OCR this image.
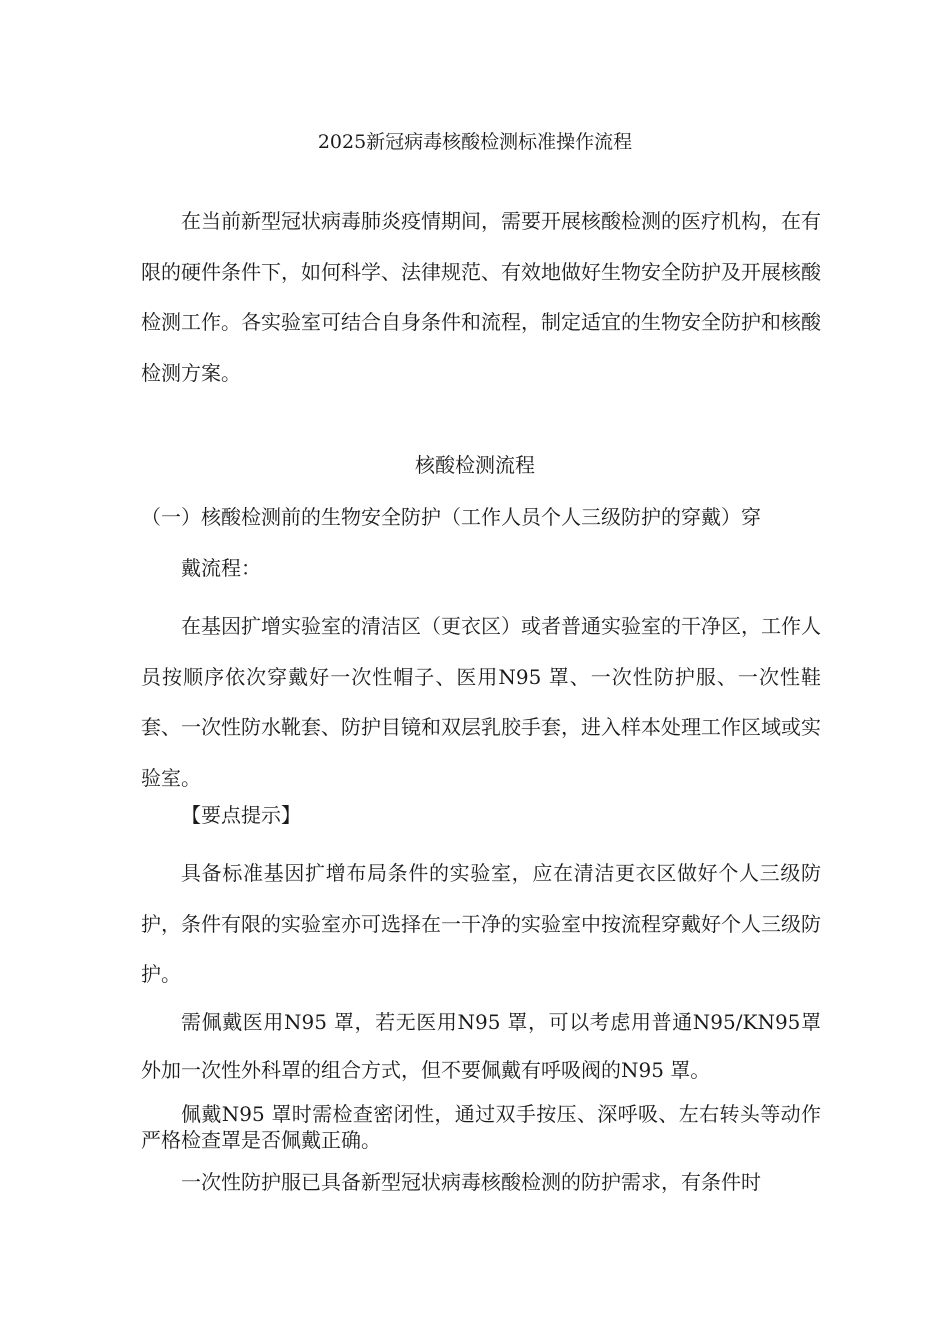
2025新冠病毒核酸检测标准操作流程

在当前新型冠状病毒肺炎疫情期间，需要开展核酸检测的医疗机构，在有限的硬件条件下，如何科学、法律规范、有效地做好生物安全防护及开展核酸检测工作。各实验室可结合自身条件和流程，制定适宜的生物安全防护和核酸检测方案。

核酸检测流程
（一）核酸检测前的生物安全防护（工作人员个人三级防护的穿戴）穿

戴流程：

在基因扩增实验室的清洁区（更衣区）或者普通实验室的干净区，工作人员按顺序依次穿戴好一次性帽子、医用N95 罩、一次性防护服、一次性鞋套、一次性防水靴套、防护目镜和双层乳胶手套，进入样本处理工作区域或实验室。

【要点提示】

具备标准基因扩增布局条件的实验室，应在清洁更衣区做好个人三级防护，条件有限的实验室亦可选择在一干净的实验室中按流程穿戴好个人三级防护。

需佩戴医用N95 罩，若无医用N95 罩，可以考虑用普通N95/KN95罩外加一次性外科罩的组合方式，但不要佩戴有呼吸阀的N95 罩。

佩戴N95 罩时需检查密闭性，通过双手按压、深呼吸、左右转头等动作严格检查罩是否佩戴正确。

一次性防护服已具备新型冠状病毒核酸检测的防护需求，有条件时
